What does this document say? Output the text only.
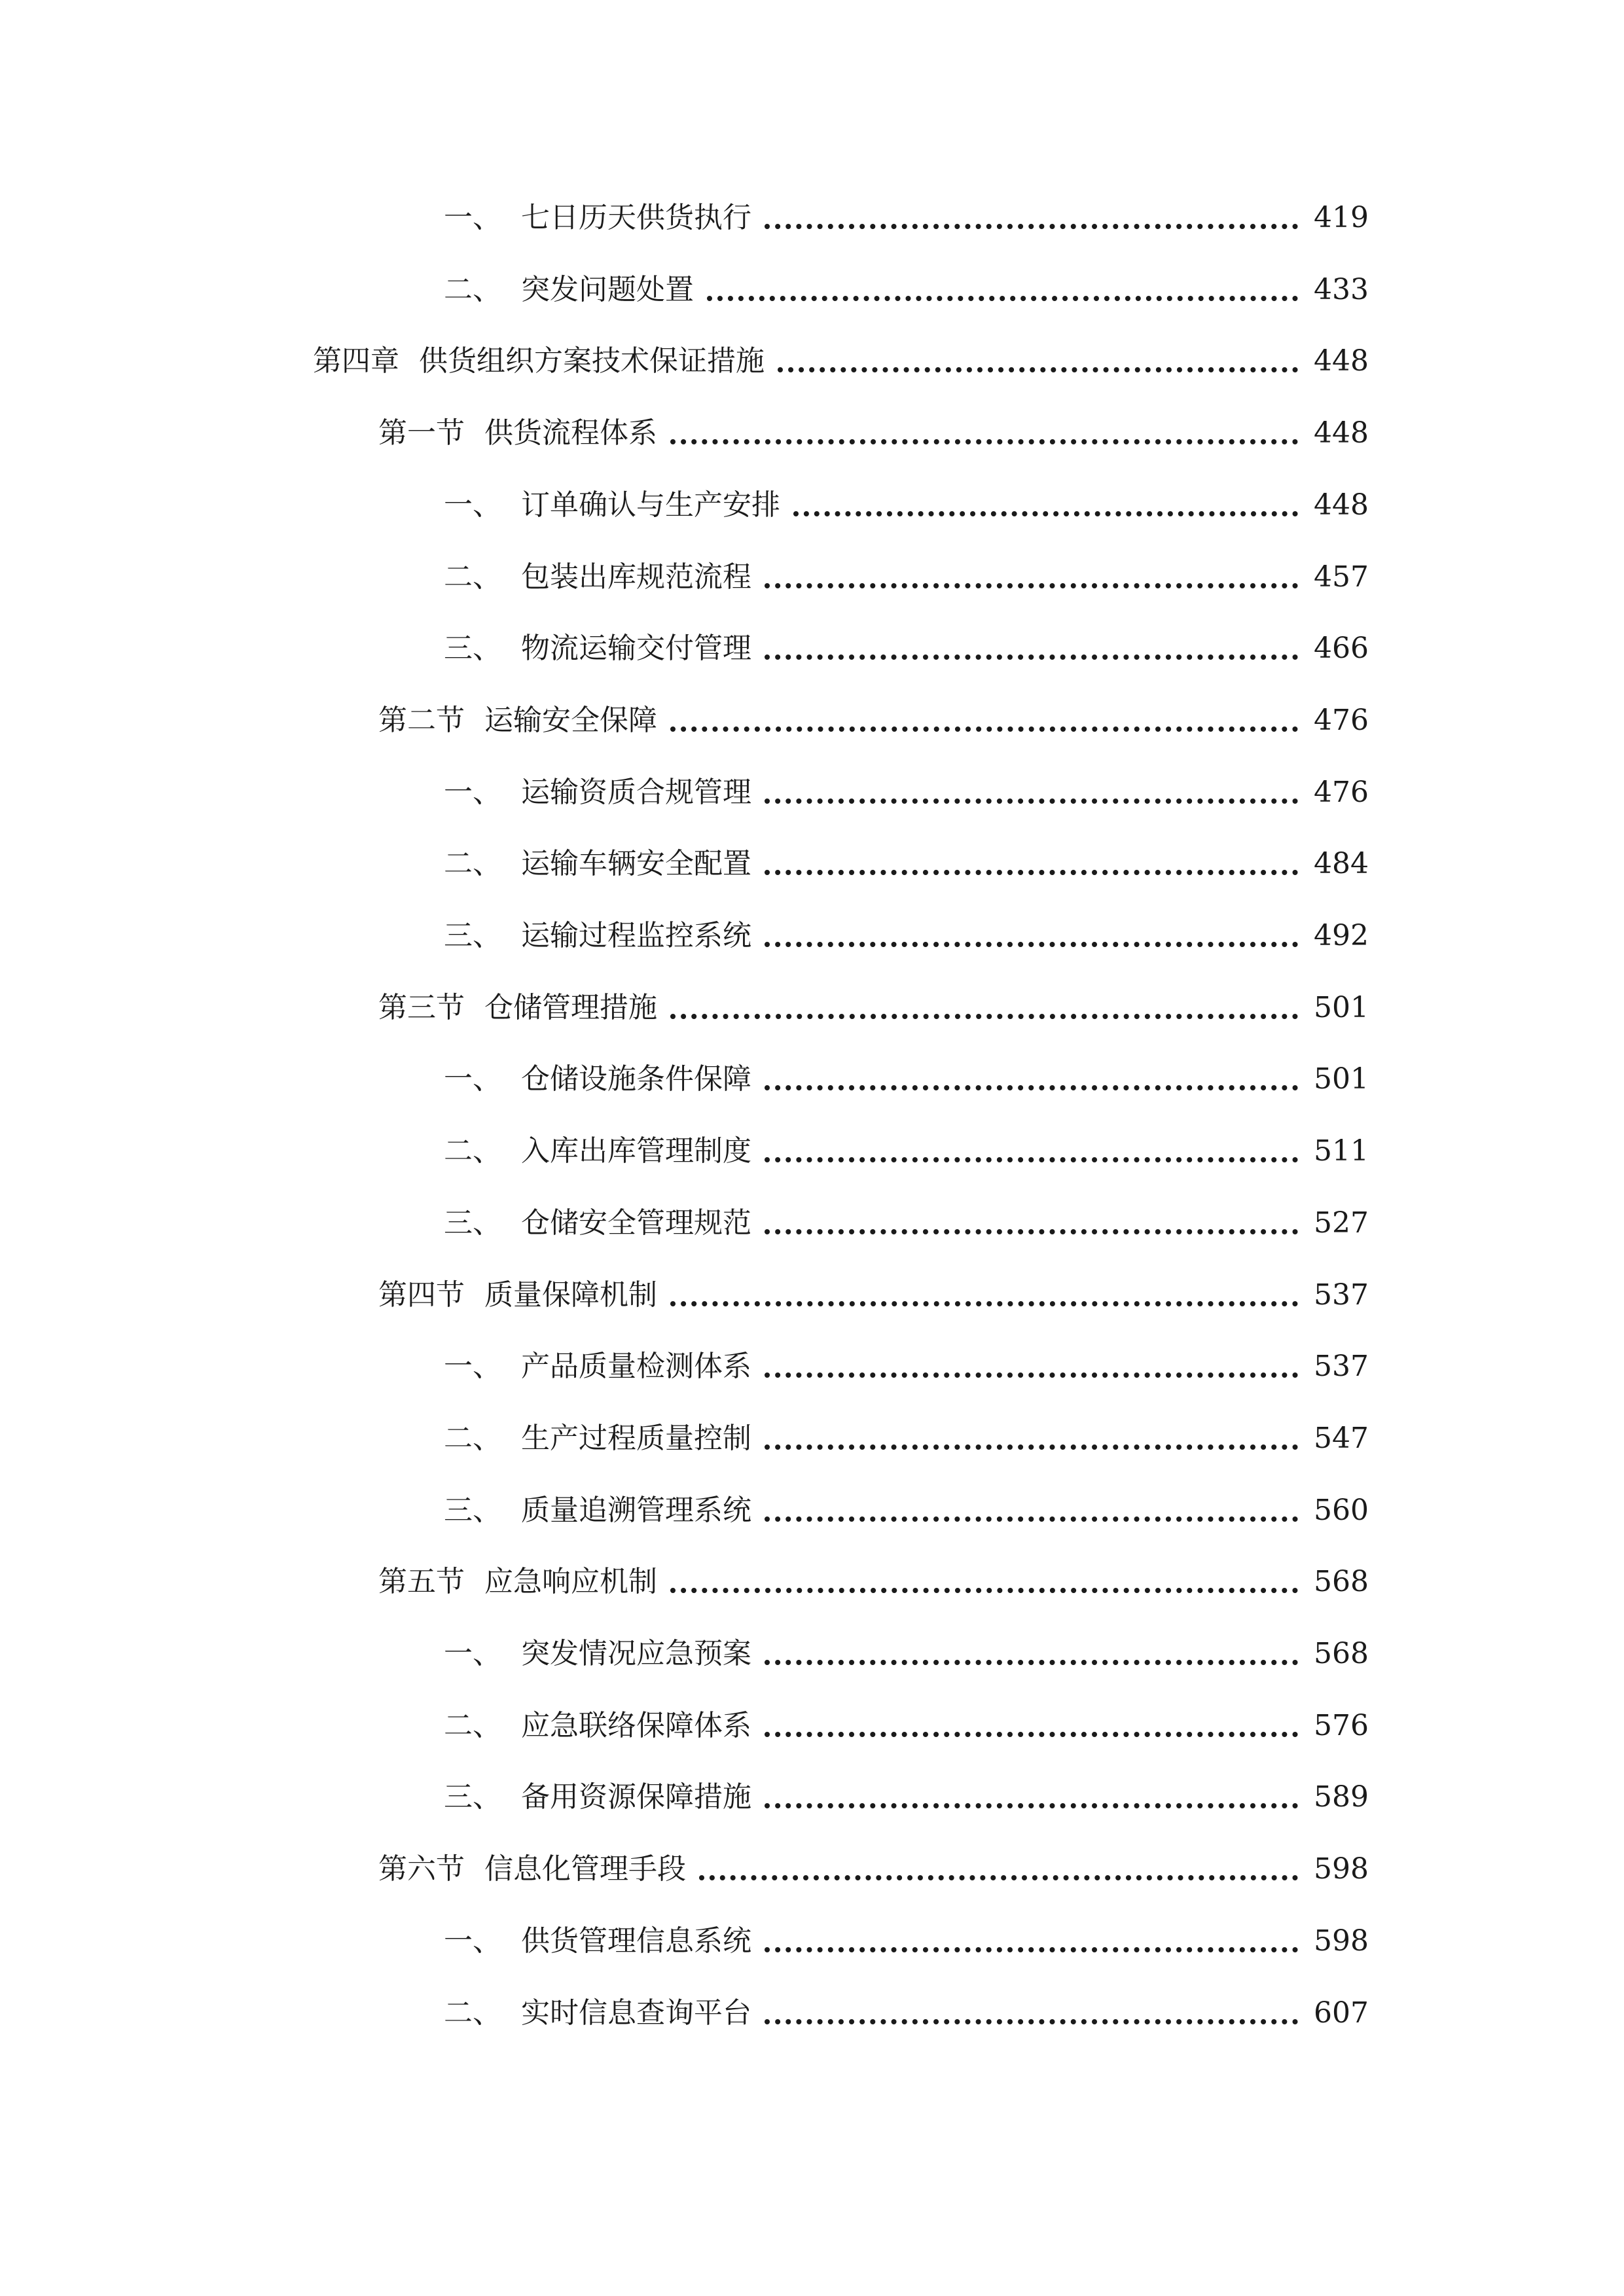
一、 七日历天供货执行	419
二、 突发问题处置	433
第四章 供货组织方案技术保证措施	448
第一节 供货流程体系	448
一、 订单确认与生产安排	448
二、 包装出库规范流程	457
三、 物流运输交付管理	466
第二节 运输安全保障	476
一、 运输资质合规管理	476
二、 运输车辆安全配置	484
三、 运输过程监控系统	492
第三节 仓储管理措施	501
一、 仓储设施条件保障	501
二、 入库出库管理制度	511
三、 仓储安全管理规范	527
第四节 质量保障机制	537
一、 产品质量检测体系	537
二、 生产过程质量控制	547
三、 质量追溯管理系统	560
第五节 应急响应机制	568
一、 突发情况应急预案	568
二、 应急联络保障体系	576
三、 备用资源保障措施	589
第六节 信息化管理手段	598
一、 供货管理信息系统	598
二、 实时信息查询平台	607
